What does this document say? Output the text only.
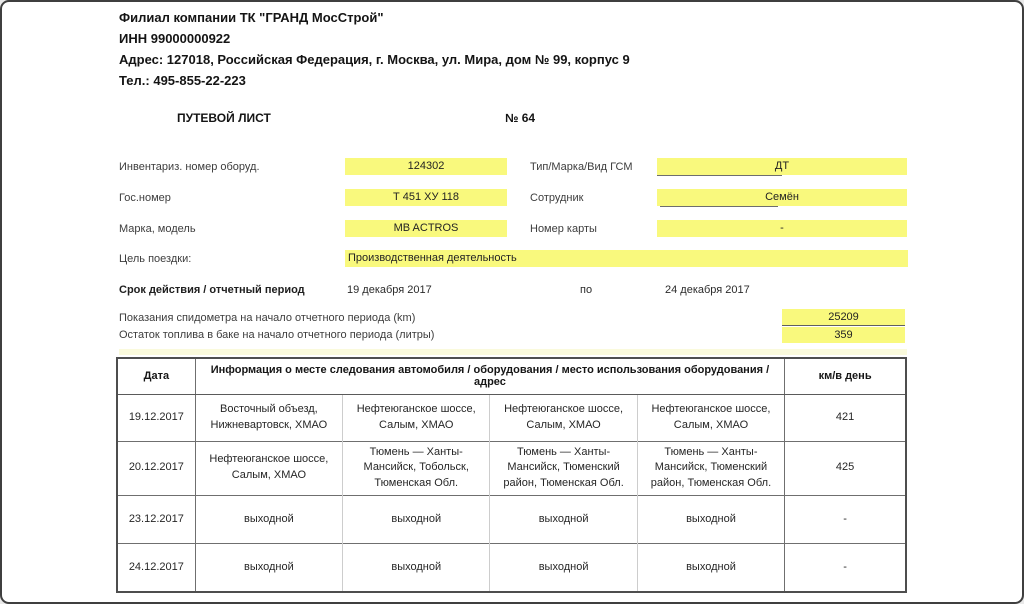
Филиал компании ТК "ГРАНД МосСтрой"
ИНН 99000000922
Адрес: 127018, Российская Федерация, г. Москва, ул. Мира, дом № 99, корпус 9
Тел.: 495-855-22-223
ПУТЕВОЙ ЛИСТ	№ 64
Инвентариз. номер оборуд.	124302
Гос.номер	Т 451 ХУ 118
Марка, модель	MB ACTROS
Тип/Марка/Вид ГСМ	ДТ
Сотрудник	Семён
Номер карты	-
Цель поездки:	Производственная деятельность
Срок действия / отчетный период	19 декабря 2017	по	24 декабря 2017
Показания спидометра на начало отчетного периода (km)	25209
Остаток топлива в баке на начало отчетного периода (литры)	359
Дата	Информация о месте следования автомобиля / оборудования / место использования оборудования /адрес				км/в день
19.12.2017	Восточный объезд, Нижневартовск, ХМАО	Нефтеюганское шоссе, Салым, ХМАО	Нефтеюганское шоссе, Салым, ХМАО	Нефтеюганское шоссе, Салым, ХМАО	421
20.12.2017	Нефтеюганское шоссе, Салым, ХМАО	Тюмень — Ханты-Мансийск, Тобольск, Тюменская Обл.	Тюмень — Ханты-Мансийск, Тюменский район, Тюменская Обл.	Тюмень — Ханты-Мансийск, Тюменский район, Тюменская Обл.	425
23.12.2017	выходной	выходной	выходной	выходной	-
24.12.2017	выходной	выходной	выходной	выходной	-
